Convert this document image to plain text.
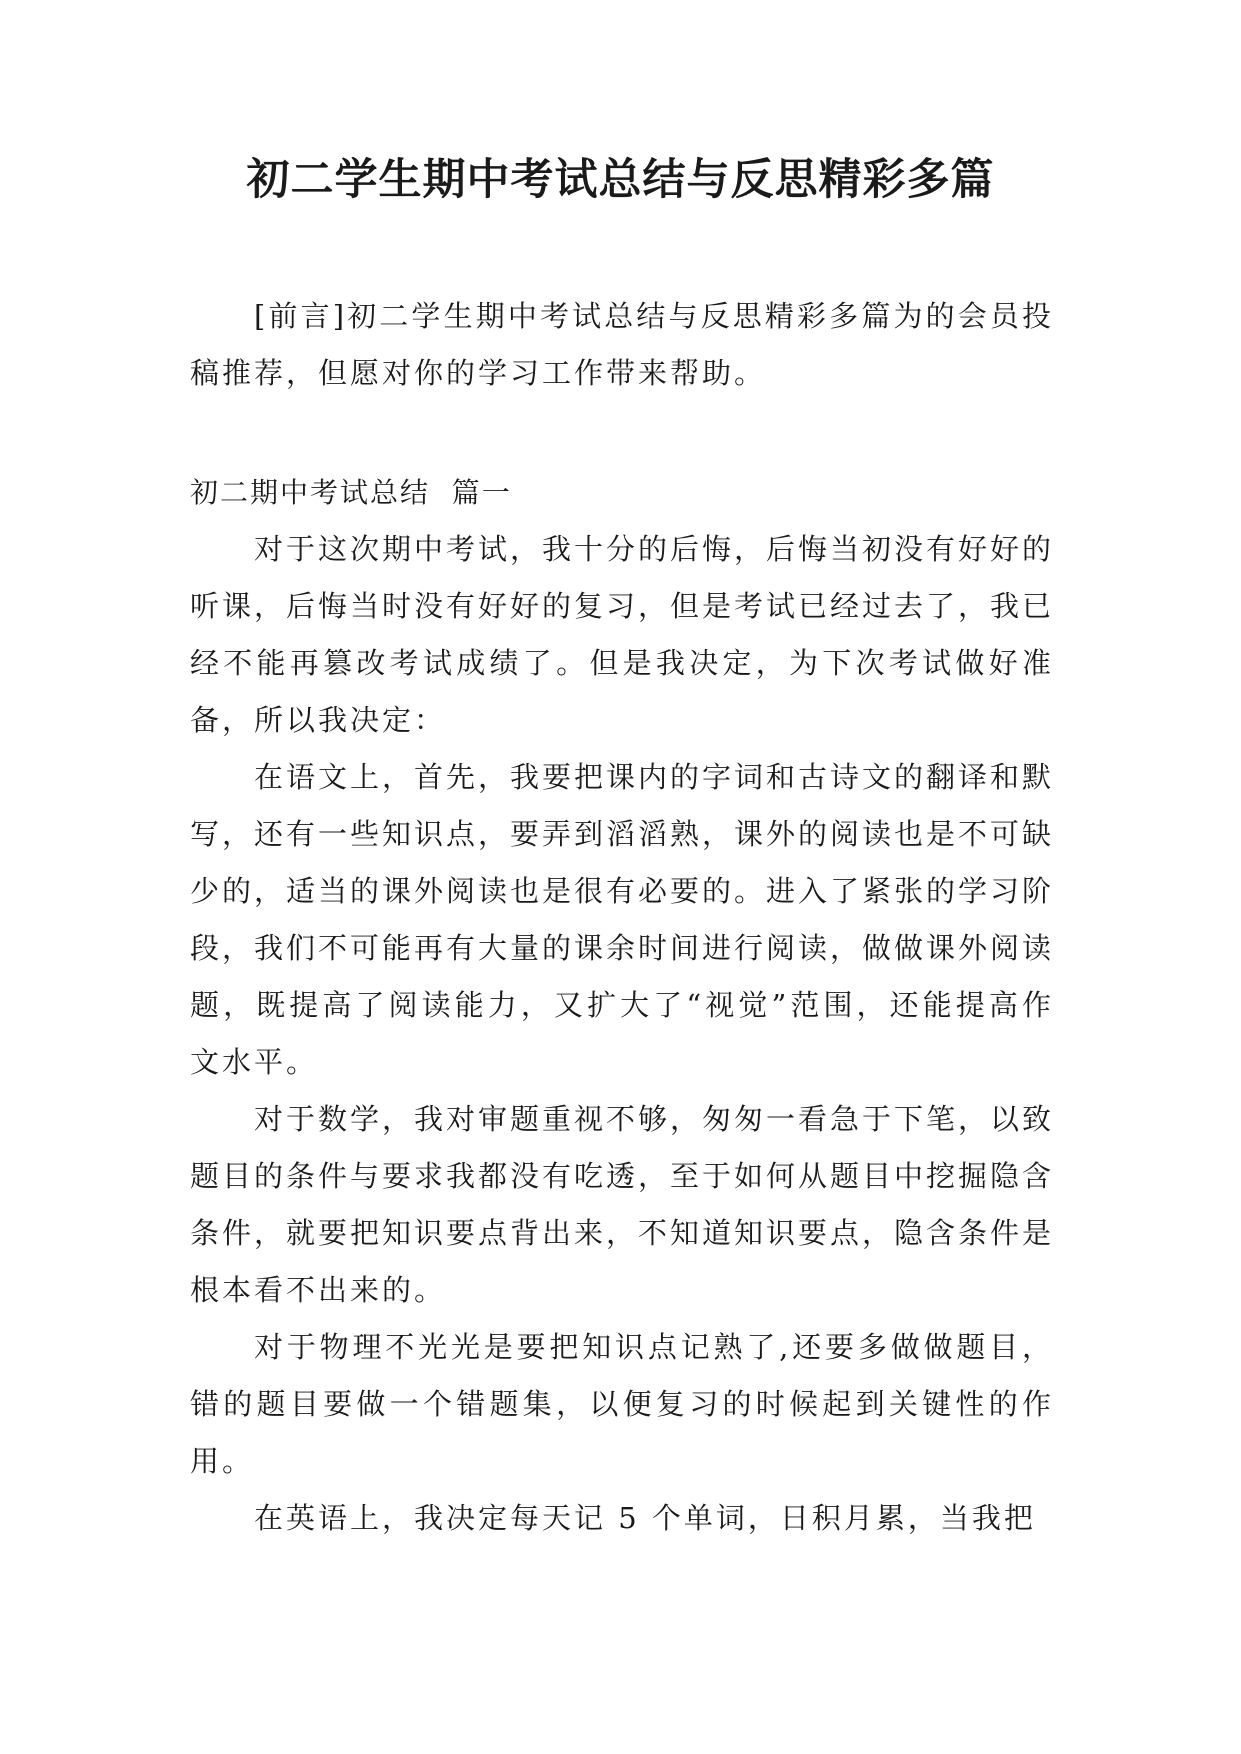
初二学生期中考试总结与反思精彩多篇

[前言]初二学生期中考试总结与反思精彩多篇为的会员投稿推荐，但愿对你的学习工作带来帮助。

初二期中考试总结  篇一

对于这次期中考试，我十分的后悔，后悔当初没有好好的听课，后悔当时没有好好的复习，但是考试已经过去了，我已经不能再篡改考试成绩了。但是我决定，为下次考试做好准备，所以我决定：

在语文上，首先，我要把课内的字词和古诗文的翻译和默写，还有一些知识点，要弄到滔滔熟，课外的阅读也是不可缺少的，适当的课外阅读也是很有必要的。进入了紧张的学习阶段，我们不可能再有大量的课余时间进行阅读，做做课外阅读题，既提高了阅读能力，又扩大了“视觉”范围，还能提高作文水平。

对于数学，我对审题重视不够，匆匆一看急于下笔，以致题目的条件与要求我都没有吃透，至于如何从题目中挖掘隐含条件，就要把知识要点背出来，不知道知识要点，隐含条件是根本看不出来的。

对于物理不光光是要把知识点记熟了,还要多做做题目，错的题目要做一个错题集，以便复习的时候起到关键性的作用。

在英语上，我决定每天记 5 个单词，日积月累，当我把
